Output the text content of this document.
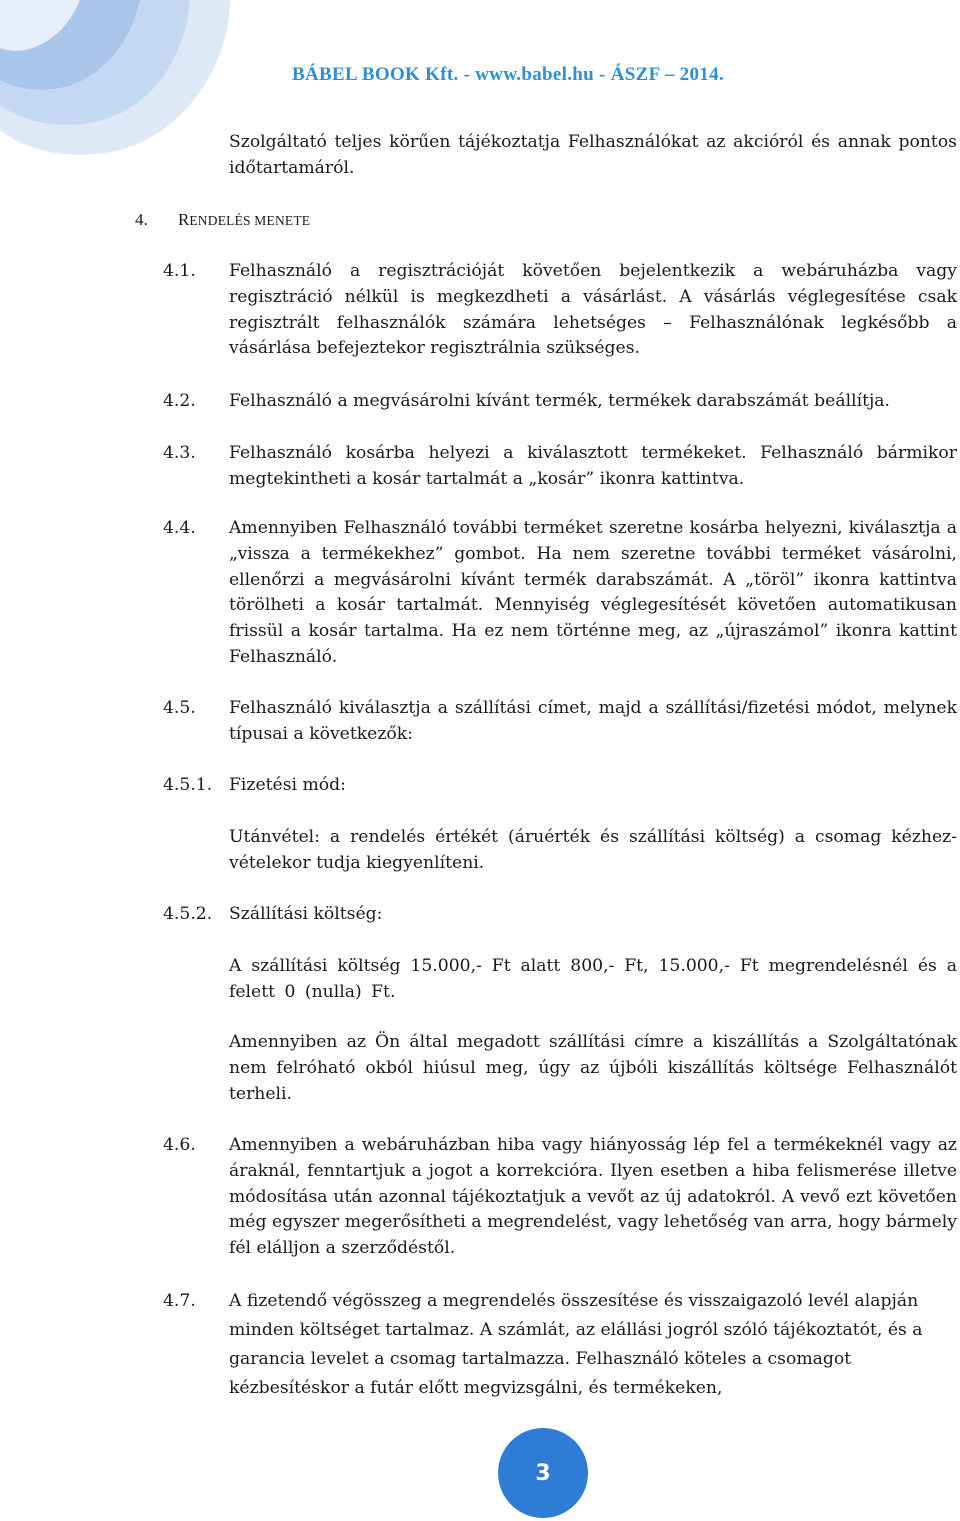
BÁBEL BOOK Kft. - www.babel.hu - ÁSZF – 2014.
Szolgáltató teljes körűen tájékoztatja Felhasználókat az akcióról és annak pontos időtartamáról.
4. RENDELÉS MENETE
4.1. Felhasználó a regisztrációját követően bejelentkezik a webáruházba vagy regisztráció nélkül is megkezdheti a vásárlást. A vásárlás véglegesítése csak regisztrált felhasználók számára lehetséges – Felhasználónak legkésőbb a vásárlása befejeztekor regisztrálnia szükséges.
4.2. Felhasználó a megvásárolni kívánt termék, termékek darabszámát beállítja.
4.3. Felhasználó kosárba helyezi a kiválasztott termékeket. Felhasználó bármikor megtekintheti a kosár tartalmát a „kosár” ikonra kattintva.
4.4. Amennyiben Felhasználó további terméket szeretne kosárba helyezni, kiválasztja a „vissza a termékekhez” gombot. Ha nem szeretne további terméket vásárolni, ellenőrzi a megvásárolni kívánt termék darabszámát. A „töröl” ikonra kattintva törölheti a kosár tartalmát. Mennyiség véglegesítését követően automatikusan frissül a kosár tartalma. Ha ez nem történne meg, az „újraszámol” ikonra kattint Felhasználó.
4.5. Felhasználó kiválasztja a szállítási címet, majd a szállítási/fizetési módot, melynek típusai a következők:
4.5.1. Fizetési mód:
Utánvétel: a rendelés értékét (áruérték és szállítási költség) a csomag kézhez-vételekor tudja kiegyenlíteni.
4.5.2. Szállítási költség:
A szállítási költség 15.000,- Ft alatt 800,- Ft, 15.000,- Ft megrendelésnél és a felett 0 (nulla) Ft.
Amennyiben az Ön által megadott szállítási címre a kiszállítás a Szolgáltatónak nem felróható okból hiúsul meg, úgy az újbóli kiszállítás költsége Felhasználót terheli.
4.6. Amennyiben a webáruházban hiba vagy hiányosság lép fel a termékeknél vagy az áraknál, fenntartjuk a jogot a korrekcióra. Ilyen esetben a hiba felismerése illetve módosítása után azonnal tájékoztatjuk a vevőt az új adatokról. A vevő ezt követően még egyszer megerősítheti a megrendelést, vagy lehetőség van arra, hogy bármely fél elálljon a szerződéstől.
4.7. A fizetendő végösszeg a megrendelés összesítése és visszaigazoló levél alapján minden költséget tartalmaz. A számlát, az elállási jogról szóló tájékoztatót, és a garancia levelet a csomag tartalmazza. Felhasználó köteles a csomagot kézbesítéskor a futár előtt megvizsgálni, és termékeken,
3
